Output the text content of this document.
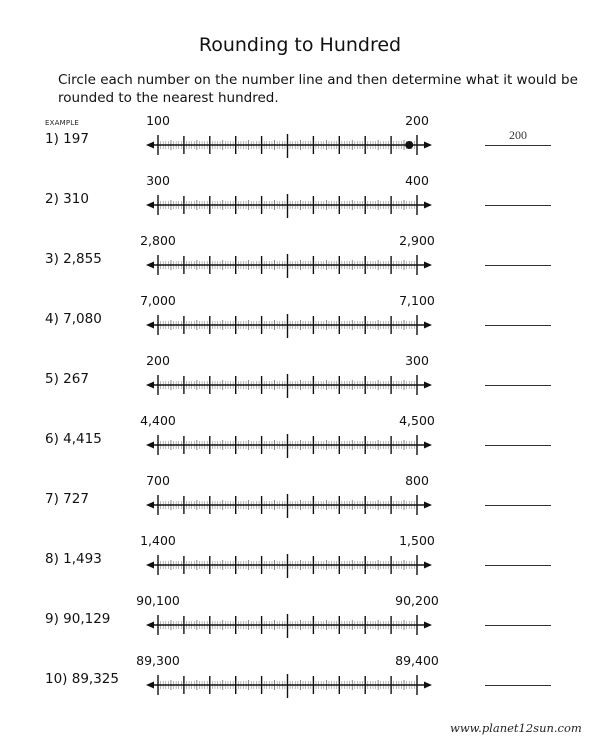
Rounding to Hundred
Circle each number on the number line and then determine what it would be rounded to the nearest hundred.
EXAMPLE
1) 197
100	200
200
2) 310
300	400
3) 2,855
2,800	2,900
4) 7,080
7,000	7,100
5) 267
200	300
6) 4,415
4,400	4,500
7) 727
700	800
8) 1,493
1,400	1,500
9) 90,129
90,100	90,200
10) 89,325
89,300	89,400
www.planet12sun.com
